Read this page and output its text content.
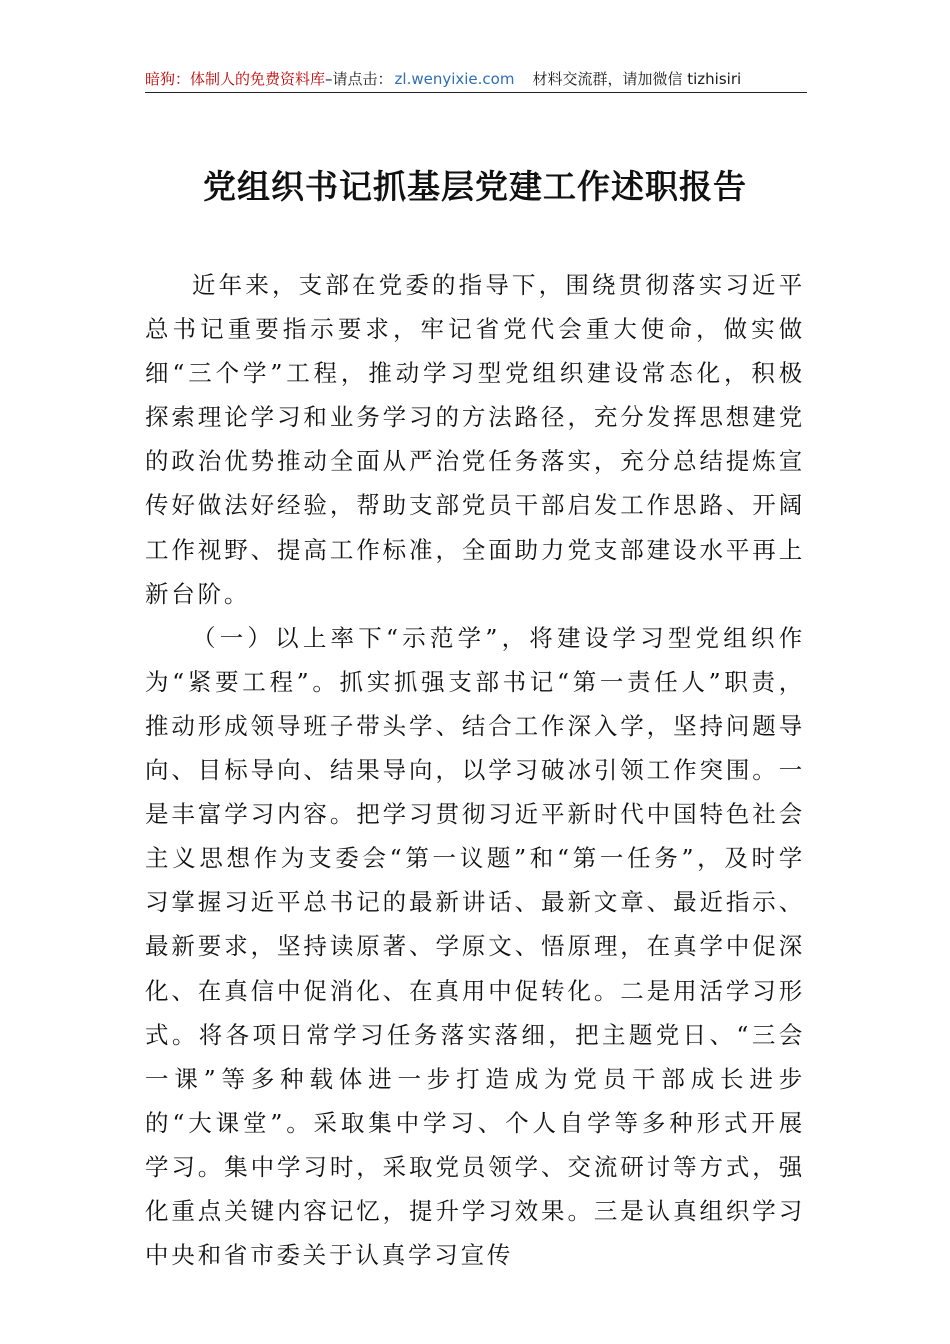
暗狗：体制人的免费资料库 –请点击： zl.wenyixie.com 材料交流群，请加微信 tizhisiri
党组织书记抓基层党建工作述职报告

近年来，支部在党委的指导下，围绕贯彻落实习近平总书记重要指示要求，牢记省党代会重大使命，做实做细“三个学”工程，推动学习型党组织建设常态化，积极探索理论学习和业务学习的方法路径，充分发挥思想建党的政治优势推动全面从严治党任务落实，充分总结提炼宣传好做法好经验，帮助支部党员干部启发工作思路、开阔工作视野、提高工作标准，全面助力党支部建设水平再上新台阶。

（一）以上率下“示范学”，将建设学习型党组织作为“紧要工程”。抓实抓强支部书记“第一责任人”职责，推动形成领导班子带头学、结合工作深入学，坚持问题导向、目标导向、结果导向，以学习破冰引领工作突围。一是丰富学习内容。把学习贯彻习近平新时代中国特色社会主义思想作为支委会“第一议题”和“第一任务”，及时学习掌握习近平总书记的最新讲话、最新文章、最近指示、最新要求，坚持读原著、学原文、悟原理，在真学中促深化、在真信中促消化、在真用中促转化。二是用活学习形式。将各项日常学习任务落实落细，把主题党日、“三会一课”等多种载体进一步打造成为党员干部成长进步的“大课堂”。采取集中学习、个人自学等多种形式开展学习。集中学习时，采取党员领学、交流研讨等方式，强化重点关键内容记忆，提升学习效果。三是认真组织学习中央和省市委关于认真学习宣传
